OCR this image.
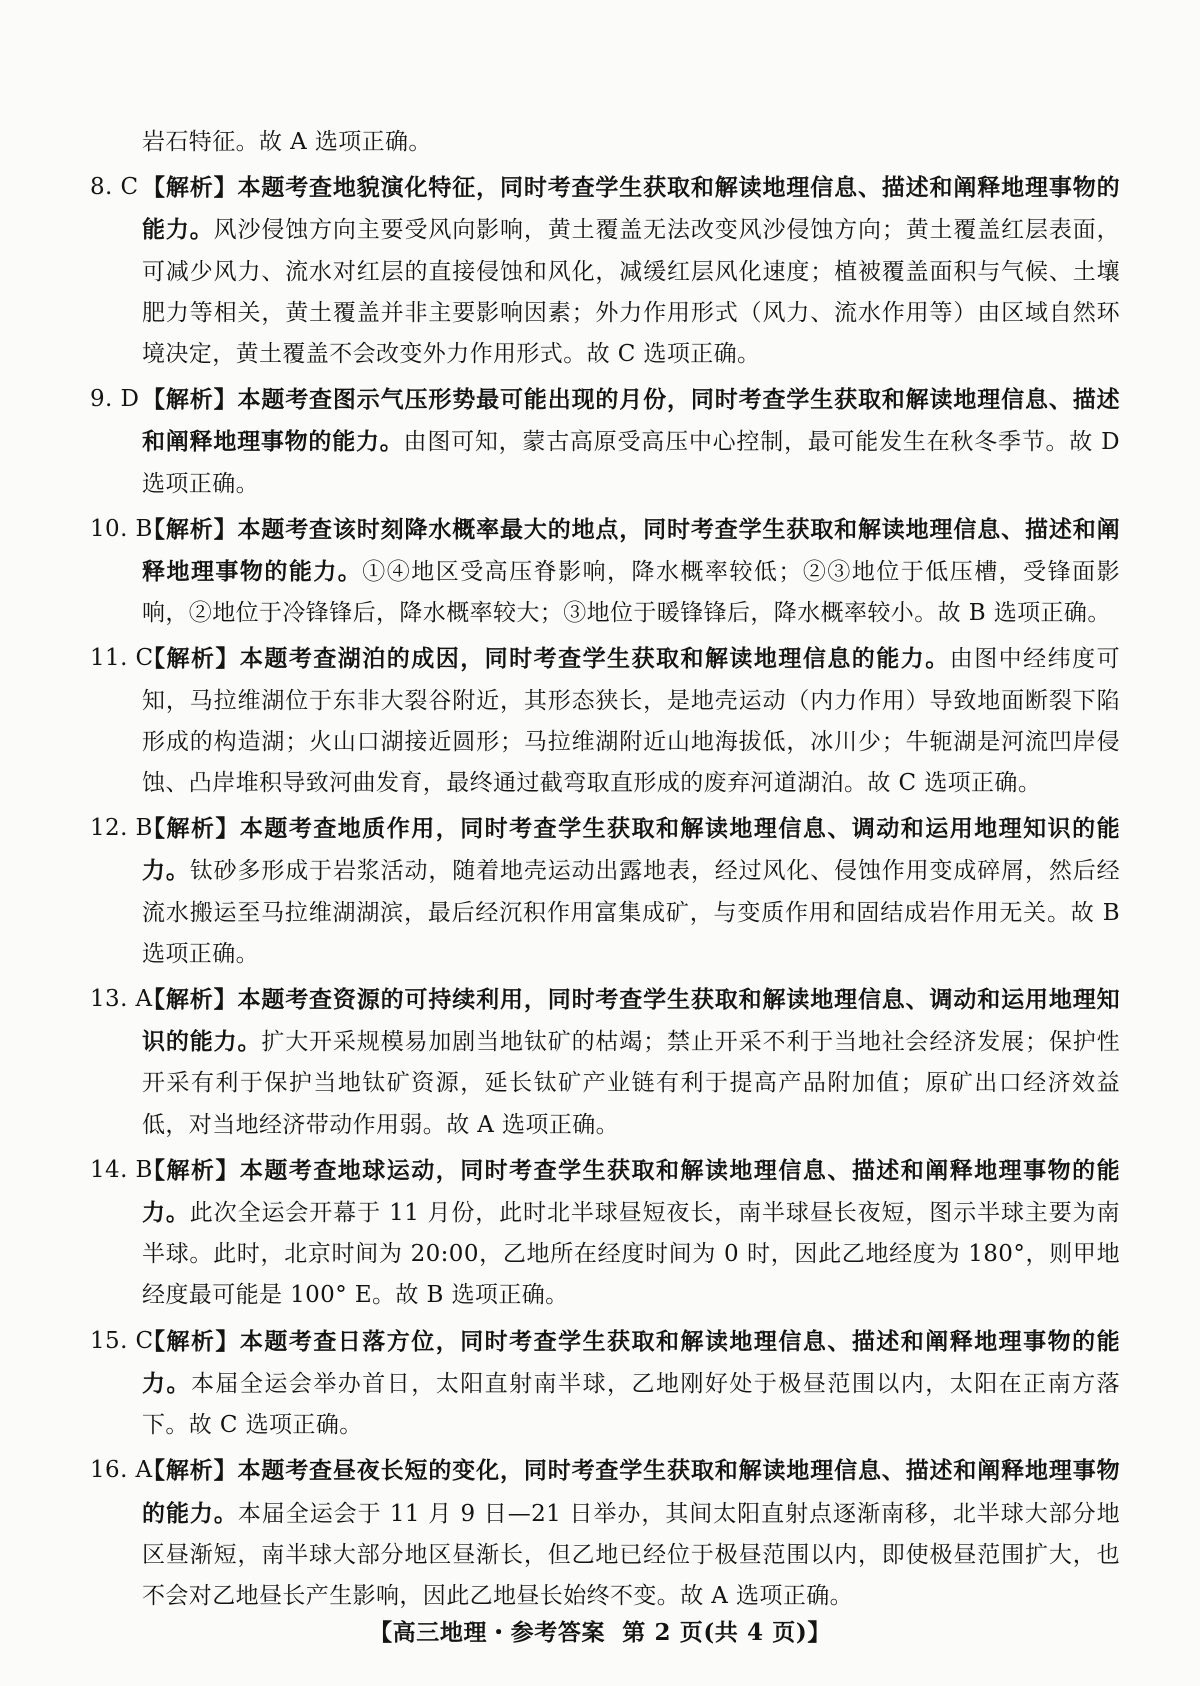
岩石特征。故 A 选项正确。
8. C 【解析】本题考查地貌演化特征，同时考查学生获取和解读地理信息、描述和阐释地理事物的能力。风沙侵蚀方向主要受风向影响，黄土覆盖无法改变风沙侵蚀方向；黄土覆盖红层表面，可减少风力、流水对红层的直接侵蚀和风化，减缓红层风化速度；植被覆盖面积与气候、土壤肥力等相关，黄土覆盖并非主要影响因素；外力作用形式（风力、流水作用等）由区域自然环境决定，黄土覆盖不会改变外力作用形式。故 C 选项正确。
9. D 【解析】本题考查图示气压形势最可能出现的月份，同时考查学生获取和解读地理信息、描述和阐释地理事物的能力。由图可知，蒙古高原受高压中心控制，最可能发生在秋冬季节。故 D 选项正确。
10. B
【解析】本题考查该时刻降水概率最大的地点，同时考查学生获取和解读地理信息、描述和阐释地理事物的能力。①④地区受高压脊影响，降水概率较低；②③地位于低压槽，受锋面影响，②地位于冷锋锋后，降水概率较大；③地位于暖锋锋后，降水概率较小。故 B 选项正确。
11. C
【解析】本题考查湖泊的成因，同时考查学生获取和解读地理信息的能力。由图中经纬度可知，马拉维湖位于东非大裂谷附近，其形态狭长，是地壳运动（内力作用）导致地面断裂下陷形成的构造湖；火山口湖接近圆形；马拉维湖附近山地海拔低，冰川少；牛轭湖是河流凹岸侵蚀、凸岸堆积导致河曲发育，最终通过截弯取直形成的废弃河道湖泊。故 C 选项正确。
12. B
【解析】本题考查地质作用，同时考查学生获取和解读地理信息、调动和运用地理知识的能力。钛砂多形成于岩浆活动，随着地壳运动出露地表，经过风化、侵蚀作用变成碎屑，然后经流水搬运至马拉维湖湖滨，最后经沉积作用富集成矿，与变质作用和固结成岩作用无关。故 B 选项正确。
13. A
【解析】本题考查资源的可持续利用，同时考查学生获取和解读地理信息、调动和运用地理知识的能力。扩大开采规模易加剧当地钛矿的枯竭；禁止开采不利于当地社会经济发展；保护性开采有利于保护当地钛矿资源，延长钛矿产业链有利于提高产品附加值；原矿出口经济效益低，对当地经济带动作用弱。故 A 选项正确。
14. B
【解析】本题考查地球运动，同时考查学生获取和解读地理信息、描述和阐释地理事物的能力。此次全运会开幕于 11 月份，此时北半球昼短夜长，南半球昼长夜短，图示半球主要为南半球。此时，北京时间为 20:00，乙地所在经度时间为 0 时，因此乙地经度为 180°，则甲地经度最可能是 100° E。故 B 选项正确。
15. C
【解析】本题考查日落方位，同时考查学生获取和解读地理信息、描述和阐释地理事物的能力。本届全运会举办首日，太阳直射南半球，乙地刚好处于极昼范围以内，太阳在正南方落下。故 C 选项正确。
16. A
【解析】本题考查昼夜长短的变化，同时考查学生获取和解读地理信息、描述和阐释地理事物的能力。本届全运会于 11 月 9 日—21 日举办，其间太阳直射点逐渐南移，北半球大部分地区昼渐短，南半球大部分地区昼渐长，但乙地已经位于极昼范围以内，即使极昼范围扩大，也不会对乙地昼长产生影响，因此乙地昼长始终不变。故 A 选项正确。
【高三地理・参考答案 第 2 页(共 4 页)】
